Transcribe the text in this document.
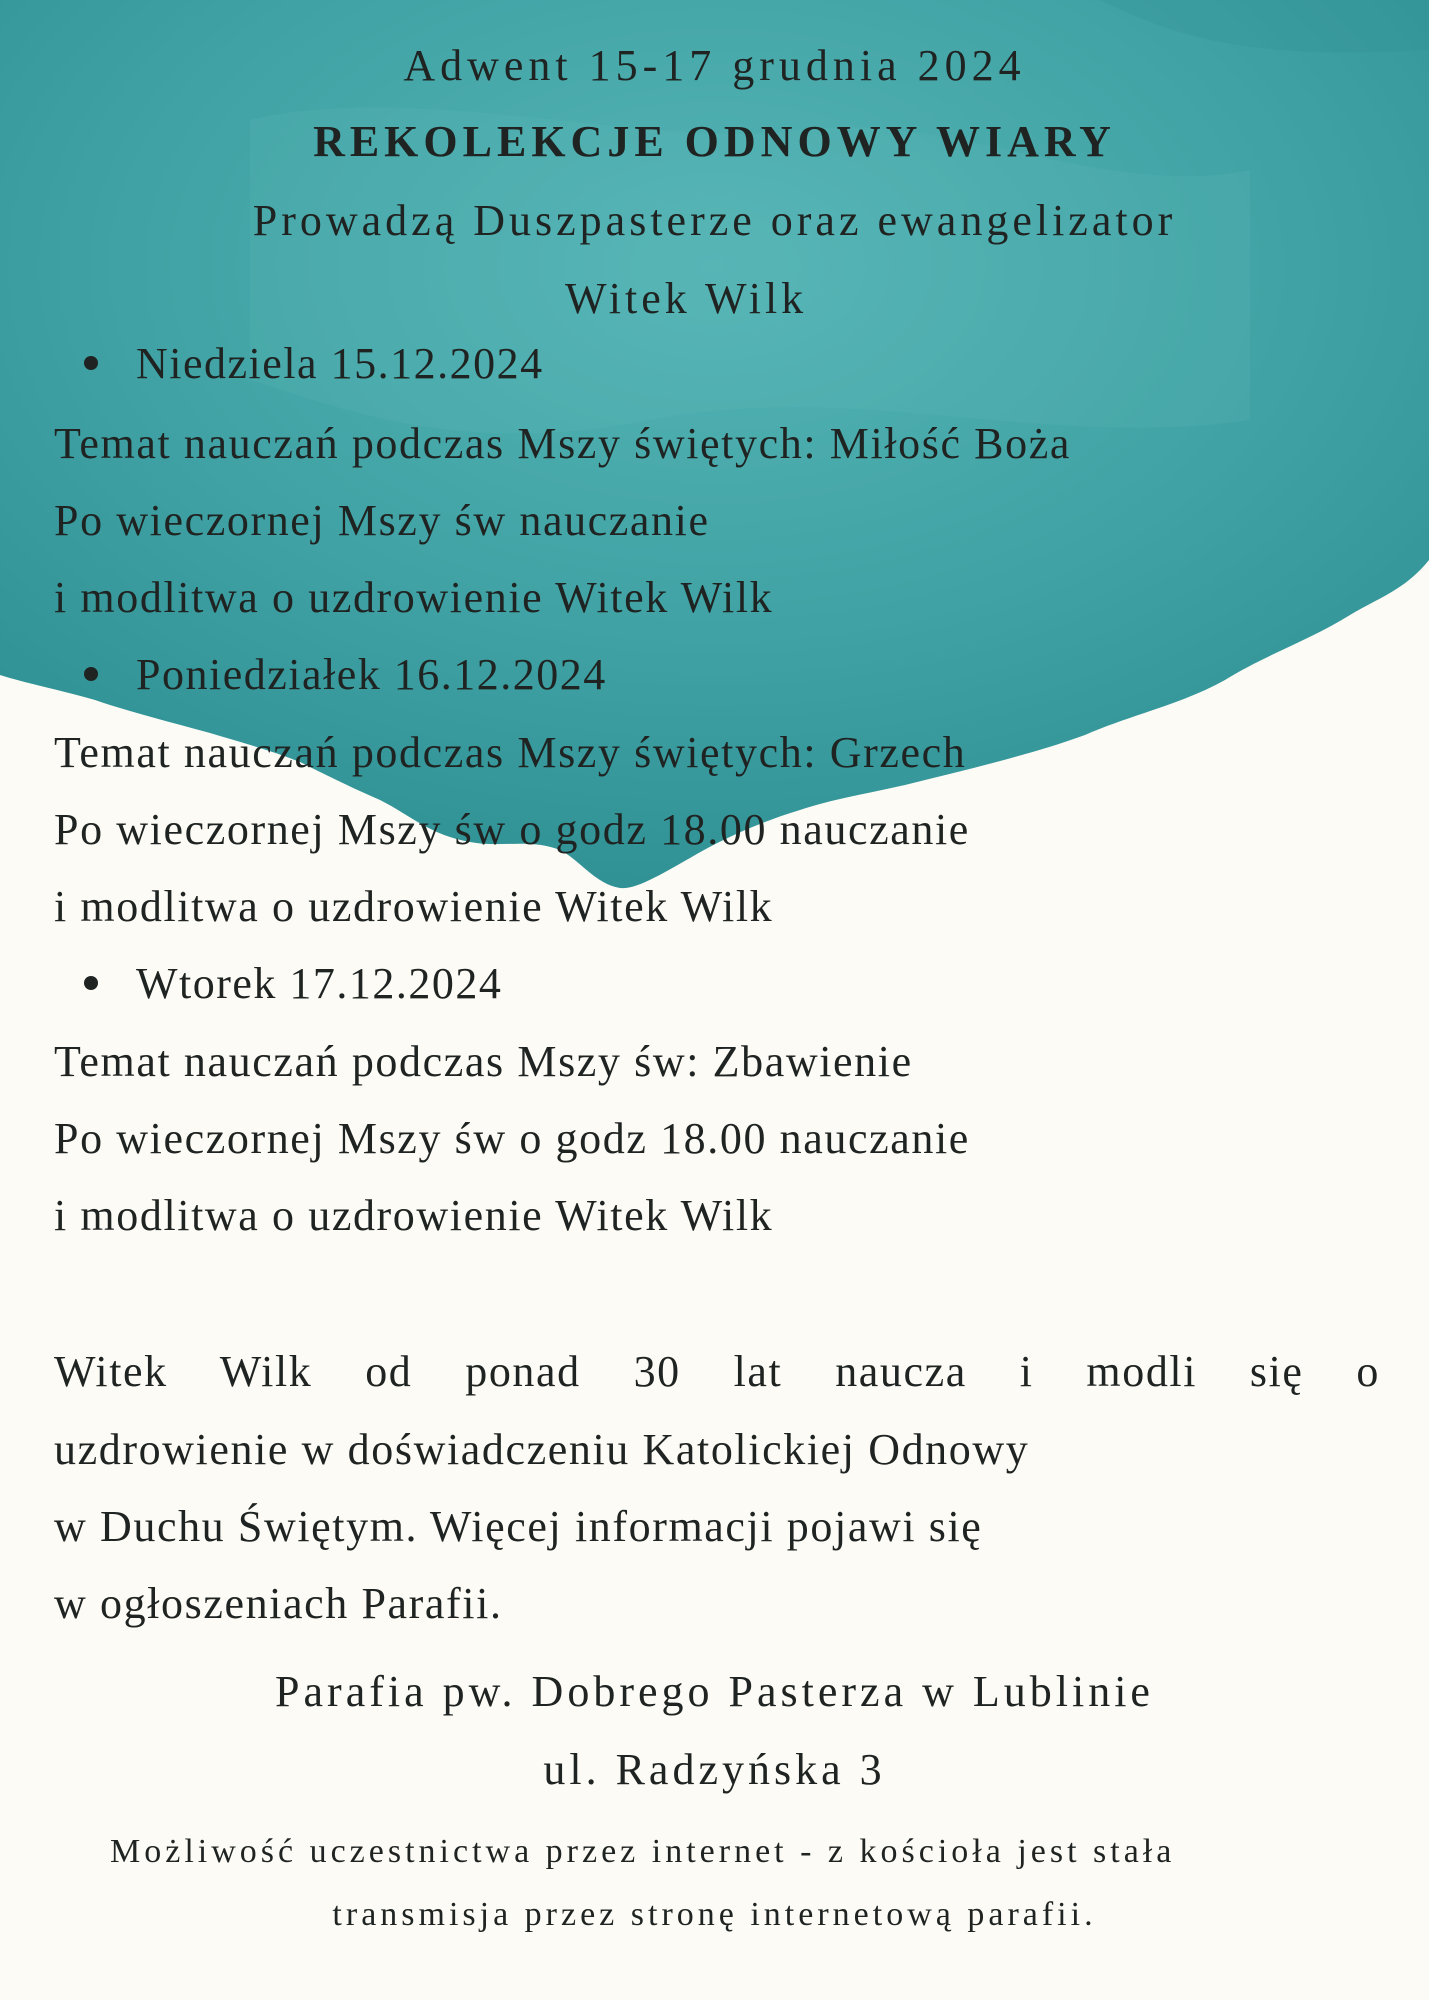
Adwent 15-17 grudnia 2024
REKOLEKCJE ODNOWY WIARY
Prowadzą Duszpasterze oraz ewangelizator
Witek Wilk
Niedziela 15.12.2024
Temat nauczań podczas Mszy świętych: Miłość Boża
Po wieczornej Mszy św nauczanie
i modlitwa o uzdrowienie Witek Wilk
Poniedziałek 16.12.2024
Temat nauczań podczas Mszy świętych: Grzech
Po wieczornej Mszy św o godz 18.00 nauczanie
i modlitwa o uzdrowienie Witek Wilk
Wtorek 17.12.2024
Temat nauczań podczas Mszy św: Zbawienie
Po wieczornej Mszy św o godz 18.00 nauczanie
i modlitwa o uzdrowienie Witek Wilk
Witek Wilk od ponad 30 lat naucza i modli się o
uzdrowienie w doświadczeniu Katolickiej Odnowy
w Duchu Świętym. Więcej informacji pojawi się
w ogłoszeniach Parafii.
Parafia pw. Dobrego Pasterza w Lublinie
ul. Radzyńska 3
Możliwość uczestnictwa przez internet - z kościoła jest stała
transmisja przez stronę internetową parafii.
